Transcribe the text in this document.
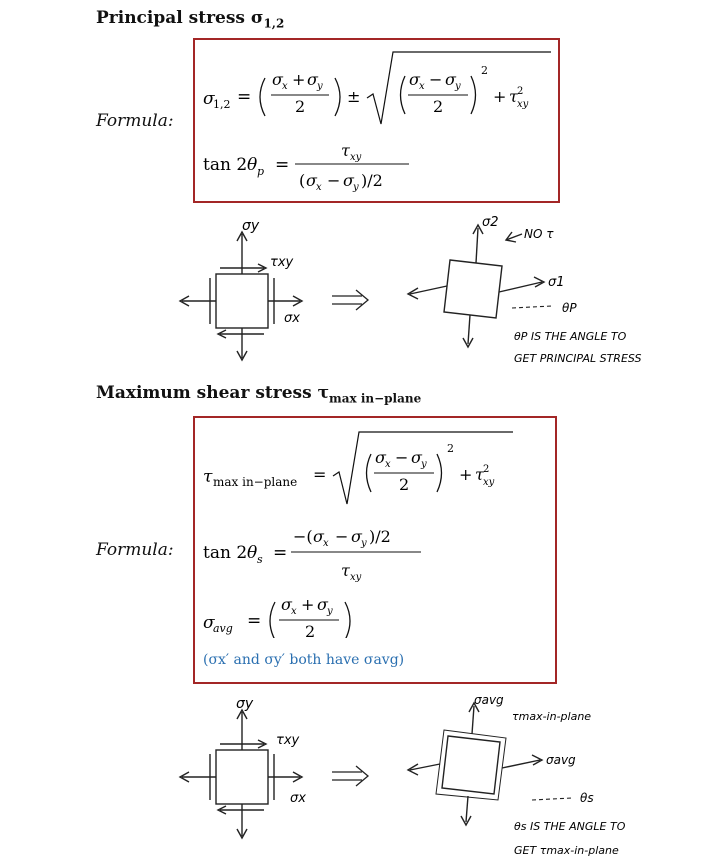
Principal stress $\sigma_{1,2}$
σ
1,2 =
σ x + σ y
2
±
σ x − σ y
2
2
+ τ 2
xy
tan 2 θ p =
τ xy
( σ x − σ y )/2
Formula:
σy
τxy
σx
σ2
NO τ
σ1
θP
θP IS THE ANGLE TO
GET PRINCIPAL STRESS
Maximum shear stress $\tau_{max in-plane}$
τ max in−plane =
σ x − σ y
2
2
+ τ 2
xy
tan 2 θ s =
−( σ x − σ y )/2
τ xy
σ
avg =
σ x + σ y
2
(σx′ and σy′ both have σavg)
Formula:
σy
τxy
σx
σavg
τmax-in-plane
σavg
θs
θs IS THE ANGLE TO
GET τmax-in-plane
